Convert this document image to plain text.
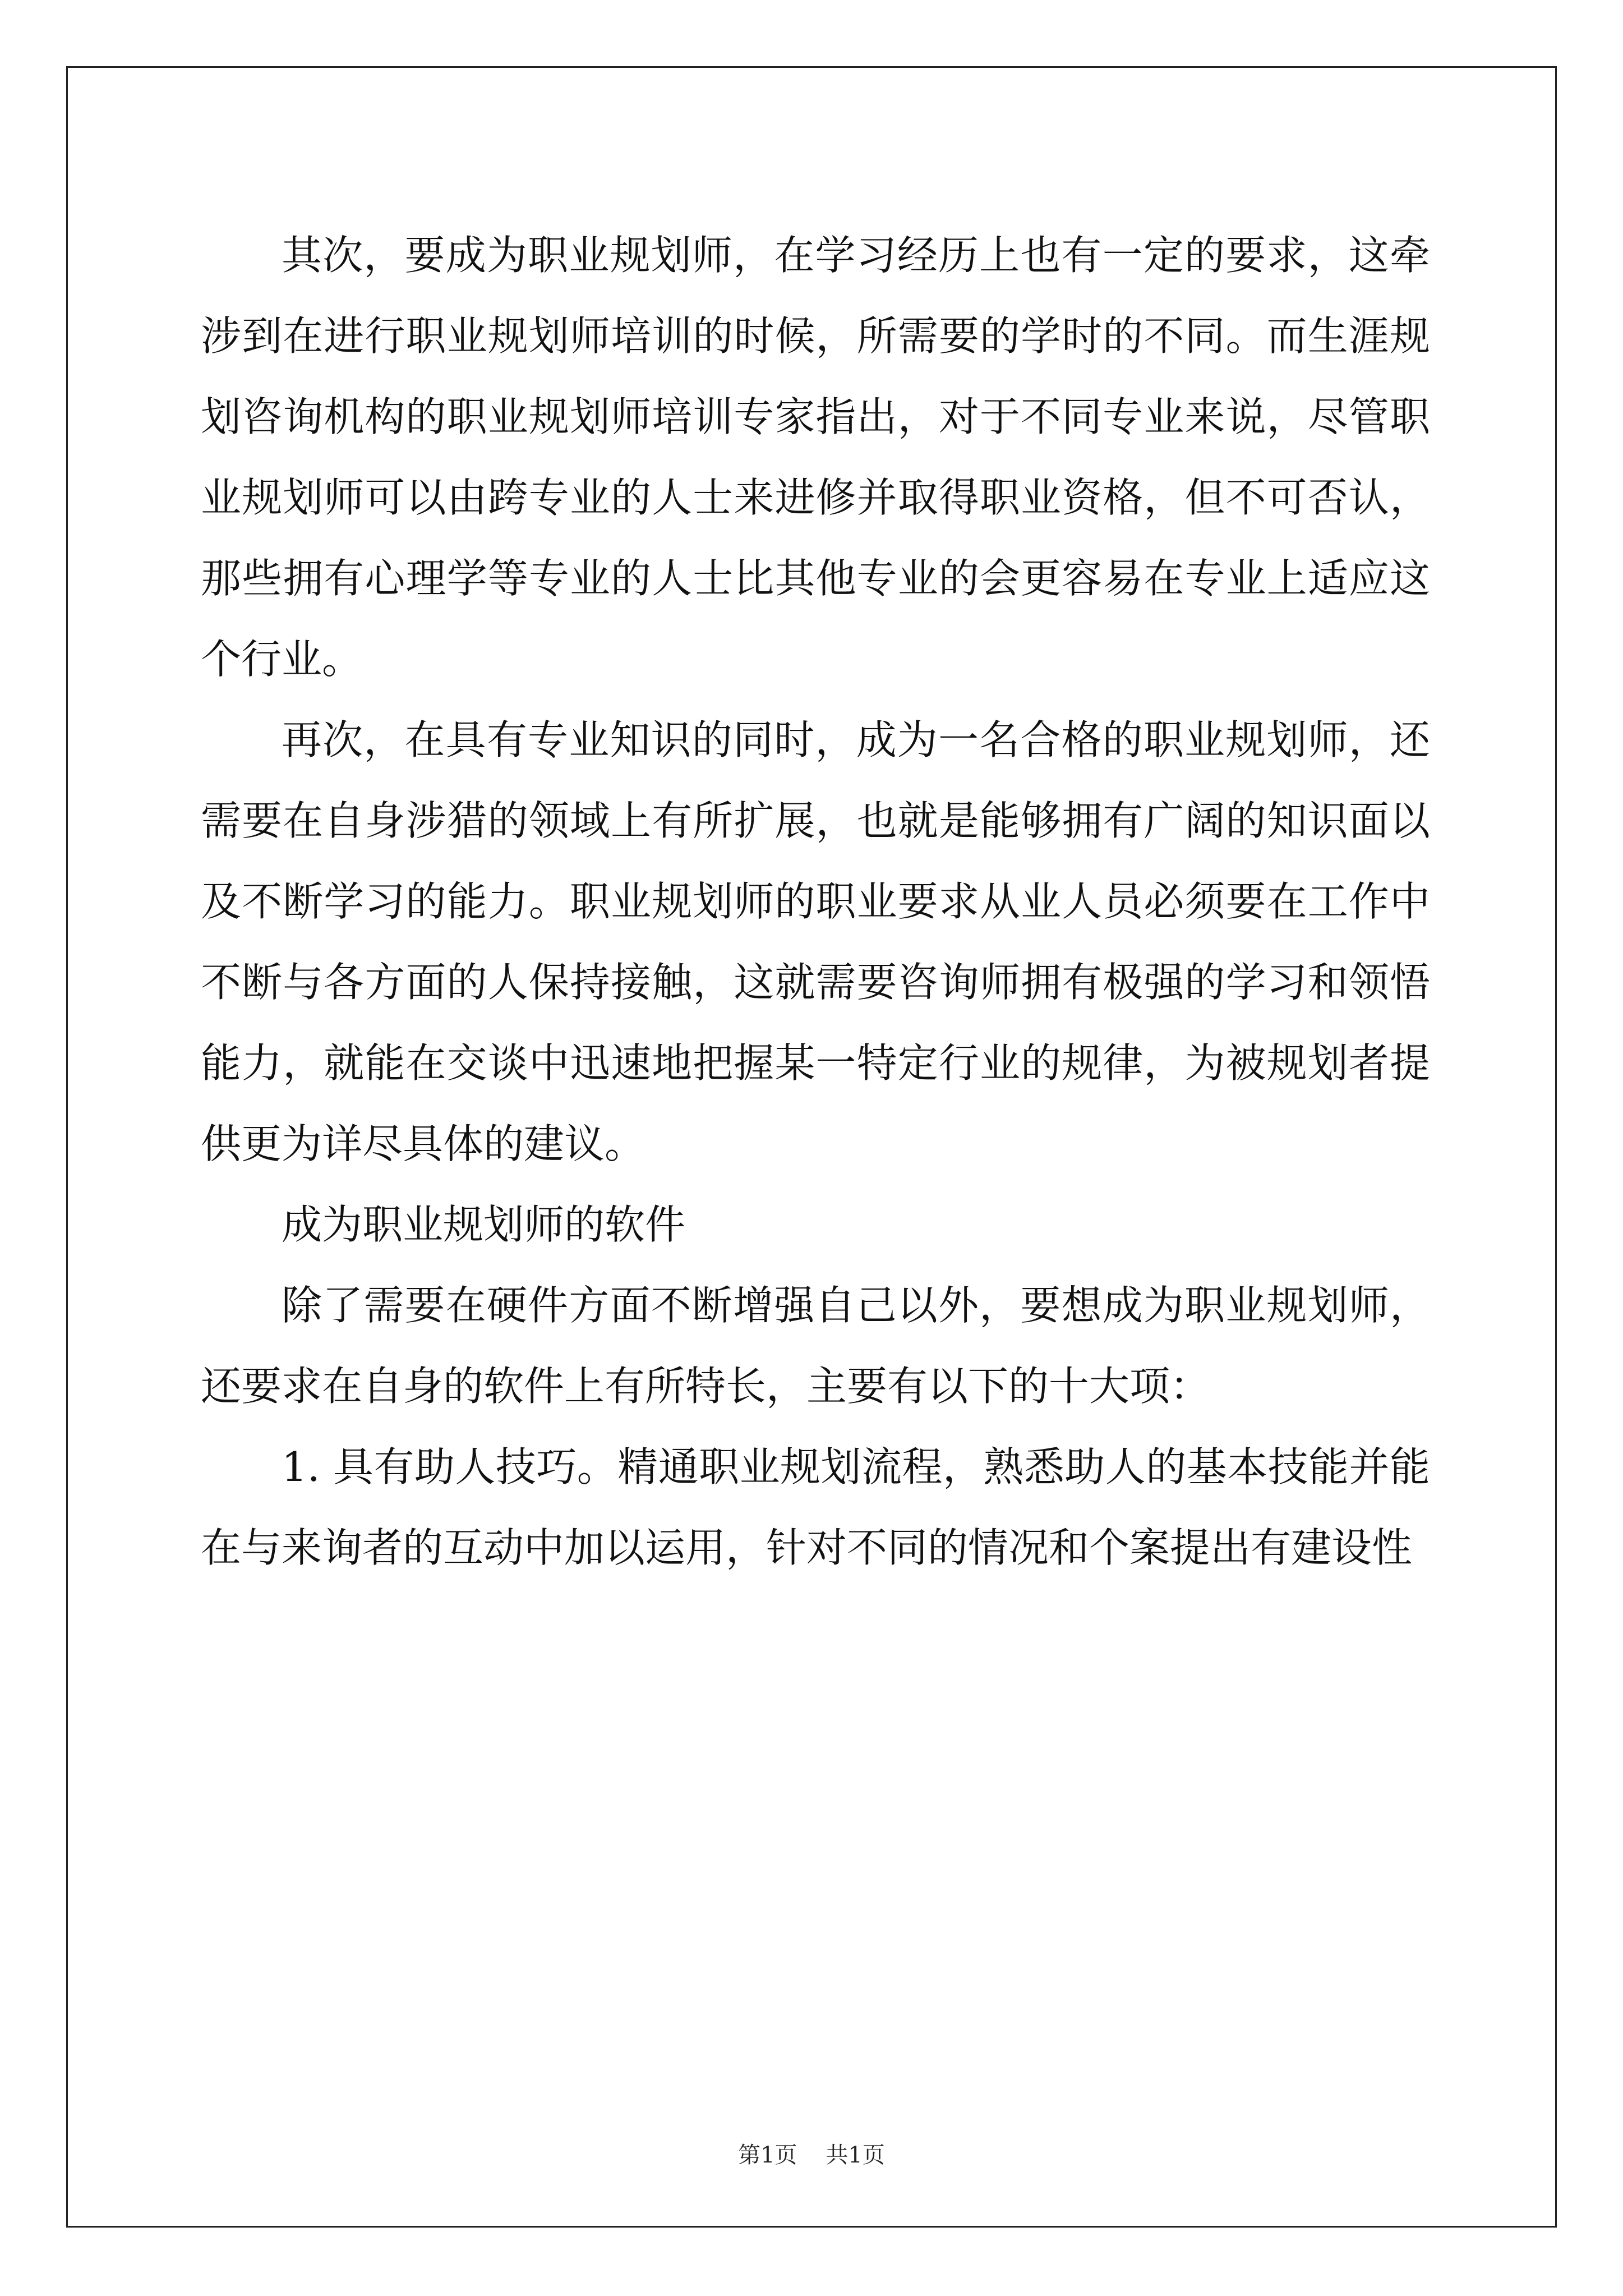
其次，要成为职业规划师，在学习经历上也有一定的要求，这牵涉到在进行职业规划师培训的时候，所需要的学时的不同。而生涯规划咨询机构的职业规划师培训专家指出，对于不同专业来说，尽管职业规划师可以由跨专业的人士来进修并取得职业资格，但不可否认，那些拥有心理学等专业的人士比其他专业的会更容易在专业上适应这个行业。

再次，在具有专业知识的同时，成为一名合格的职业规划师，还需要在自身涉猎的领域上有所扩展，也就是能够拥有广阔的知识面以及不断学习的能力。职业规划师的职业要求从业人员必须要在工作中不断与各方面的人保持接触，这就需要咨询师拥有极强的学习和领悟能力，就能在交谈中迅速地把握某一特定行业的规律，为被规划者提供更为详尽具体的建议。

成为职业规划师的软件

除了需要在硬件方面不断增强自己以外，要想成为职业规划师，还要求在自身的软件上有所特长，主要有以下的十大项：

1. 具有助人技巧。精通职业规划流程，熟悉助人的基本技能并能在与来询者的互动中加以运用，针对不同的情况和个案提出有建设性

第1页    共1页
